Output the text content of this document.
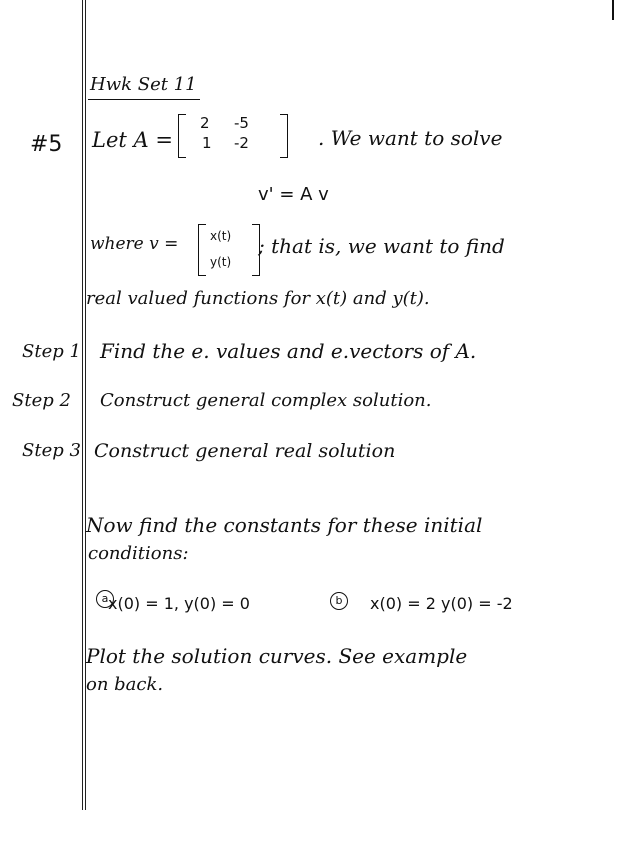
Hwk Set 11
#5 Let A =
2 -5
1 -2	. We want to solve
v' = A v
where v =	x(t)
y(t)
; that is, we want to find
real valued functions for x(t) and y(t).
Step 1 Find the e. values and e.vectors of A.
Step 2 Construct general complex solution.
Step 3 Construct general real solution
Now find the constants for these initial
conditions:
a x(0) = 1, y(0) = 0	b	x(0) = 2 y(0) = -2
Plot the solution curves. See example
on back.
